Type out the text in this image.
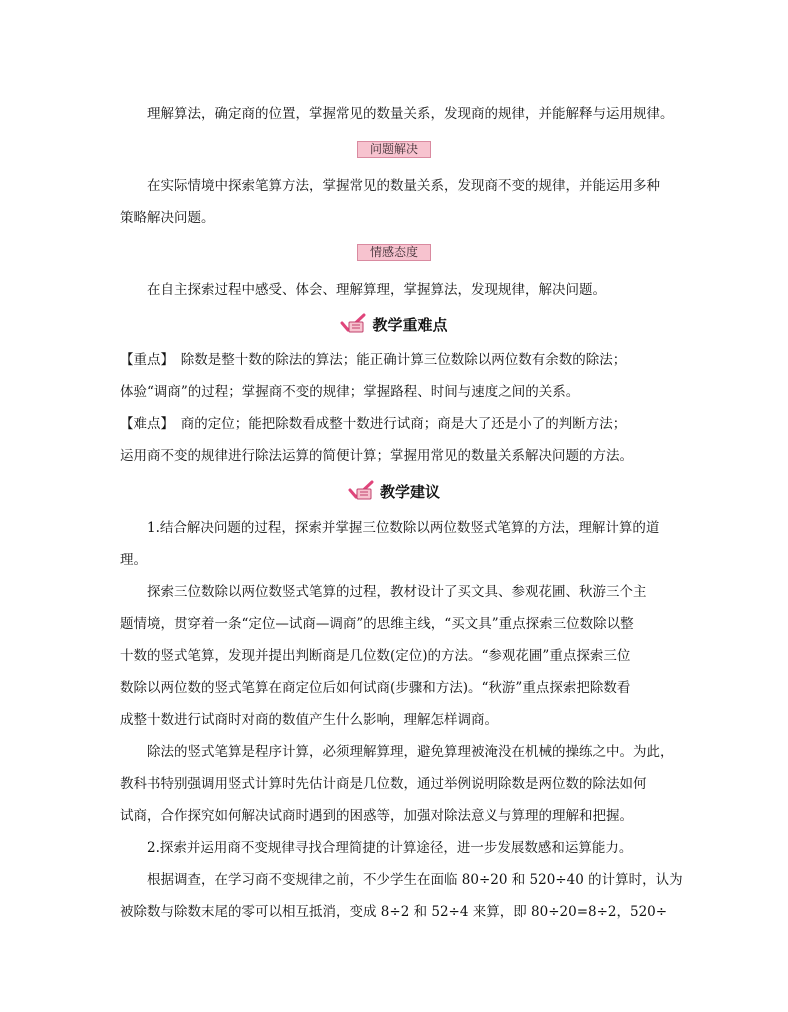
理解算法，确定商的位置，掌握常见的数量关系，发现商的规律，并能解释与运用规律。
问题解决
在实际情境中探索笔算方法，掌握常见的数量关系，发现商不变的规律，并能运用多种
策略解决问题。
情感态度
在自主探索过程中感受、体会、理解算理，掌握算法，发现规律，解决问题。
教学重难点
【重点】　除数是整十数的除法的算法；能正确计算三位数除以两位数有余数的除法；
体验“调商”的过程；掌握商不变的规律；掌握路程、时间与速度之间的关系。
【难点】　商的定位；能把除数看成整十数进行试商；商是大了还是小了的判断方法；
运用商不变的规律进行除法运算的简便计算；掌握用常见的数量关系解决问题的方法。
教学建议
1.结合解决问题的过程，探索并掌握三位数除以两位数竖式笔算的方法，理解计算的道
理。
探索三位数除以两位数竖式笔算的过程，教材设计了买文具、参观花圃、秋游三个主
题情境，贯穿着一条“定位—试商—调商”的思维主线，“买文具”重点探索三位数除以整
十数的竖式笔算，发现并提出判断商是几位数(定位)的方法。“参观花圃”重点探索三位
数除以两位数的竖式笔算在商定位后如何试商(步骤和方法)。“秋游”重点探索把除数看
成整十数进行试商时对商的数值产生什么影响，理解怎样调商。
除法的竖式笔算是程序计算，必须理解算理，避免算理被淹没在机械的操练之中。为此，
教科书特别强调用竖式计算时先估计商是几位数，通过举例说明除数是两位数的除法如何
试商，合作探究如何解决试商时遇到的困惑等，加强对除法意义与算理的理解和把握。
2.探索并运用商不变规律寻找合理简捷的计算途径，进一步发展数感和运算能力。
根据调查，在学习商不变规律之前，不少学生在面临 80÷20 和 520÷40 的计算时，认为
被除数与除数末尾的零可以相互抵消，变成 8÷2 和 52÷4 来算，即 80÷20=8÷2，520÷
